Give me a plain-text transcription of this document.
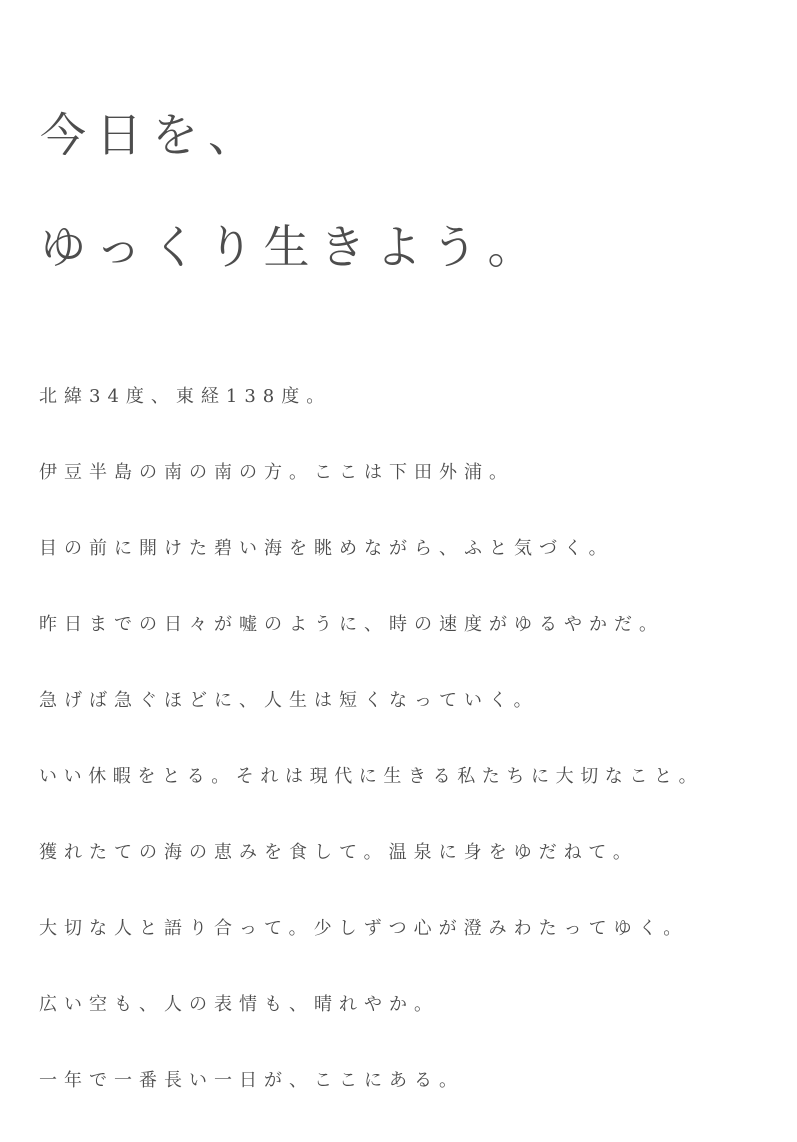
今日を、
ゆっくり生きよう。

北緯34度、東経138度。

伊豆半島の南の南の方。ここは下田外浦。

目の前に開けた碧い海を眺めながら、ふと気づく。

昨日までの日々が嘘のように、時の速度がゆるやかだ。

急げば急ぐほどに、人生は短くなっていく。

いい休暇をとる。それは現代に生きる私たちに大切なこと。

獲れたての海の恵みを食して。温泉に身をゆだねて。

大切な人と語り合って。少しずつ心が澄みわたってゆく。

広い空も、人の表情も、晴れやか。

一年で一番長い一日が、ここにある。
